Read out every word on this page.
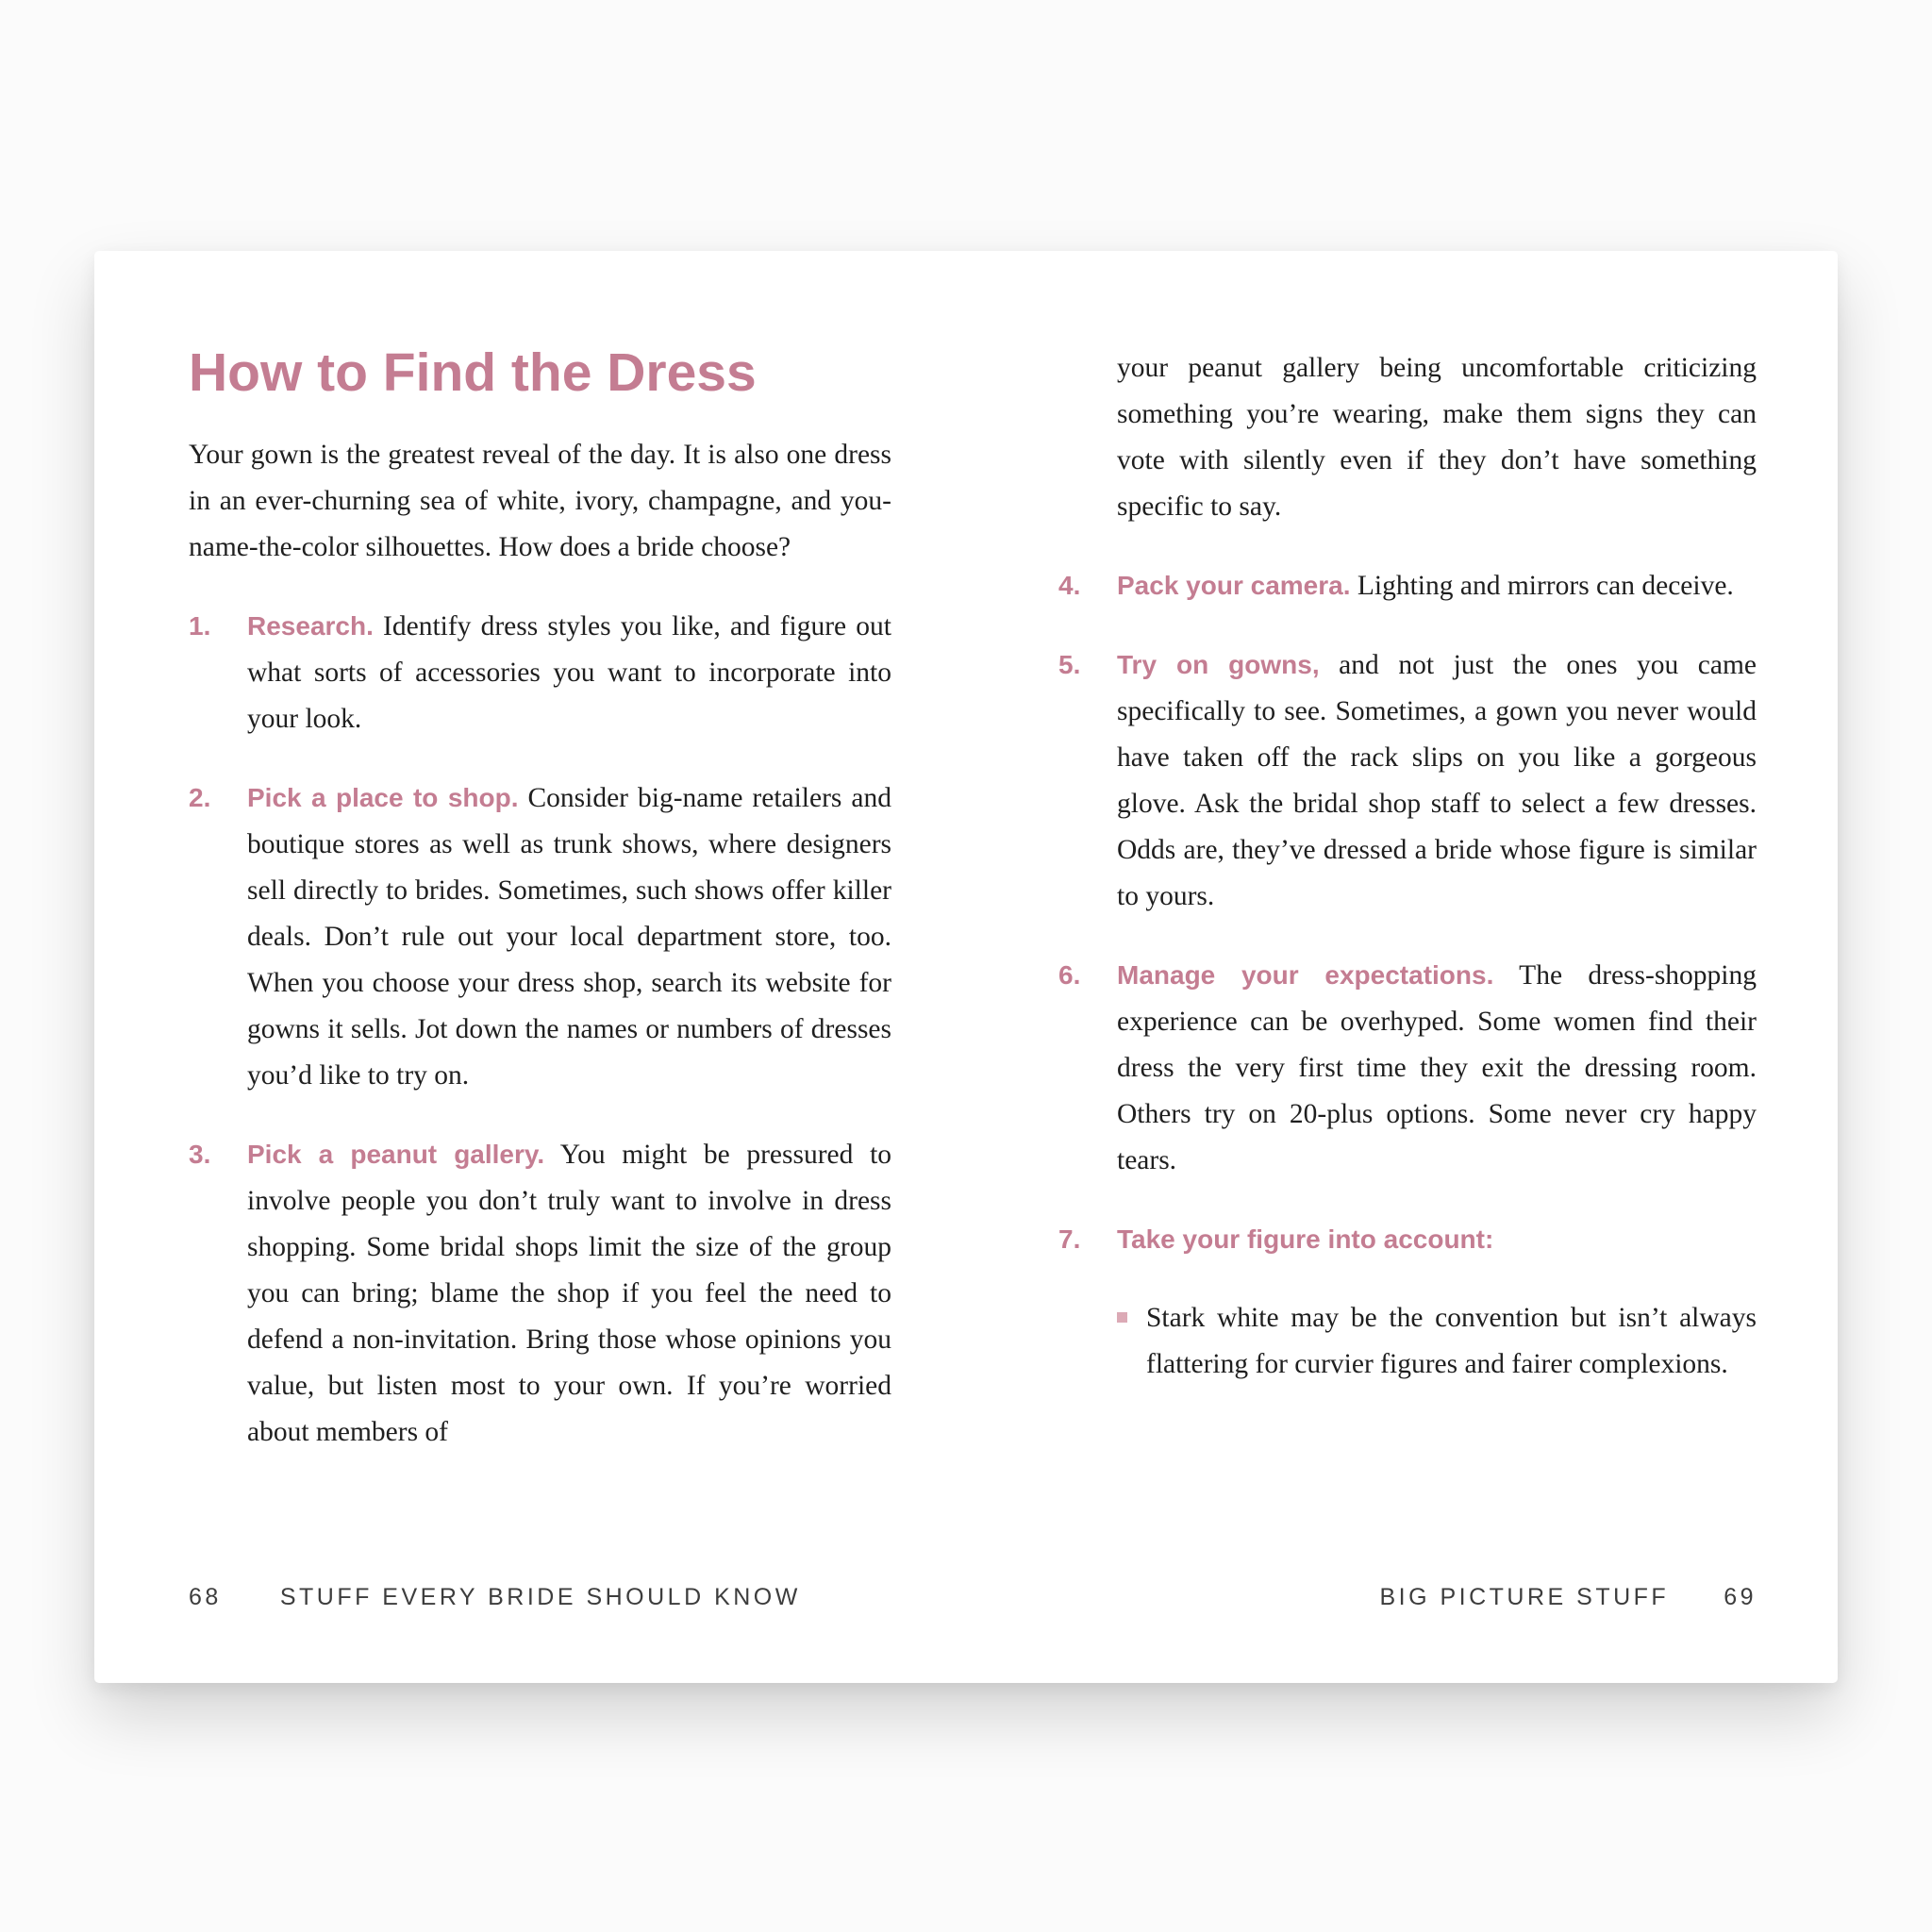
How to Find the Dress

Your gown is the greatest reveal of the day. It is also one dress in an ever-churning sea of white, ivory, champagne, and you-name-the-color silhouettes. How does a bride choose?

1.	Research. Identify dress styles you like, and figure out what sorts of accessories you want to incorporate into your look.

2.	Pick a place to shop. Consider big-name retailers and boutique stores as well as trunk shows, where designers sell directly to brides. Sometimes, such shows offer killer deals. Don’t rule out your local department store, too. When you choose your dress shop, search its website for gowns it sells. Jot down the names or numbers of dresses you’d like to try on.

3.	Pick a peanut gallery. You might be pressured to involve people you don’t truly want to involve in dress shopping. Some bridal shops limit the size of the group you can bring; blame the shop if you feel the need to defend a non-invitation. Bring those whose opinions you value, but listen most to your own. If you’re worried about members of

68 STUFF EVERY BRIDE SHOULD KNOW

your peanut gallery being uncomfortable criticizing something you’re wearing, make them signs they can vote with silently even if they don’t have something specific to say.

4.	Pack your camera. Lighting and mirrors can deceive.

5.	Try on gowns, and not just the ones you came specifically to see. Sometimes, a gown you never would have taken off the rack slips on you like a gorgeous glove. Ask the bridal shop staff to select a few dresses. Odds are, they’ve dressed a bride whose figure is similar to yours.

6.	Manage your expectations. The dress-shopping experience can be overhyped. Some women find their dress the very first time they exit the dressing room. Others try on 20-plus options. Some never cry happy tears.

7.	Take your figure into account:

Stark white may be the convention but isn’t always flattering for curvier figures and fairer complexions.

BIG PICTURE STUFF 69
